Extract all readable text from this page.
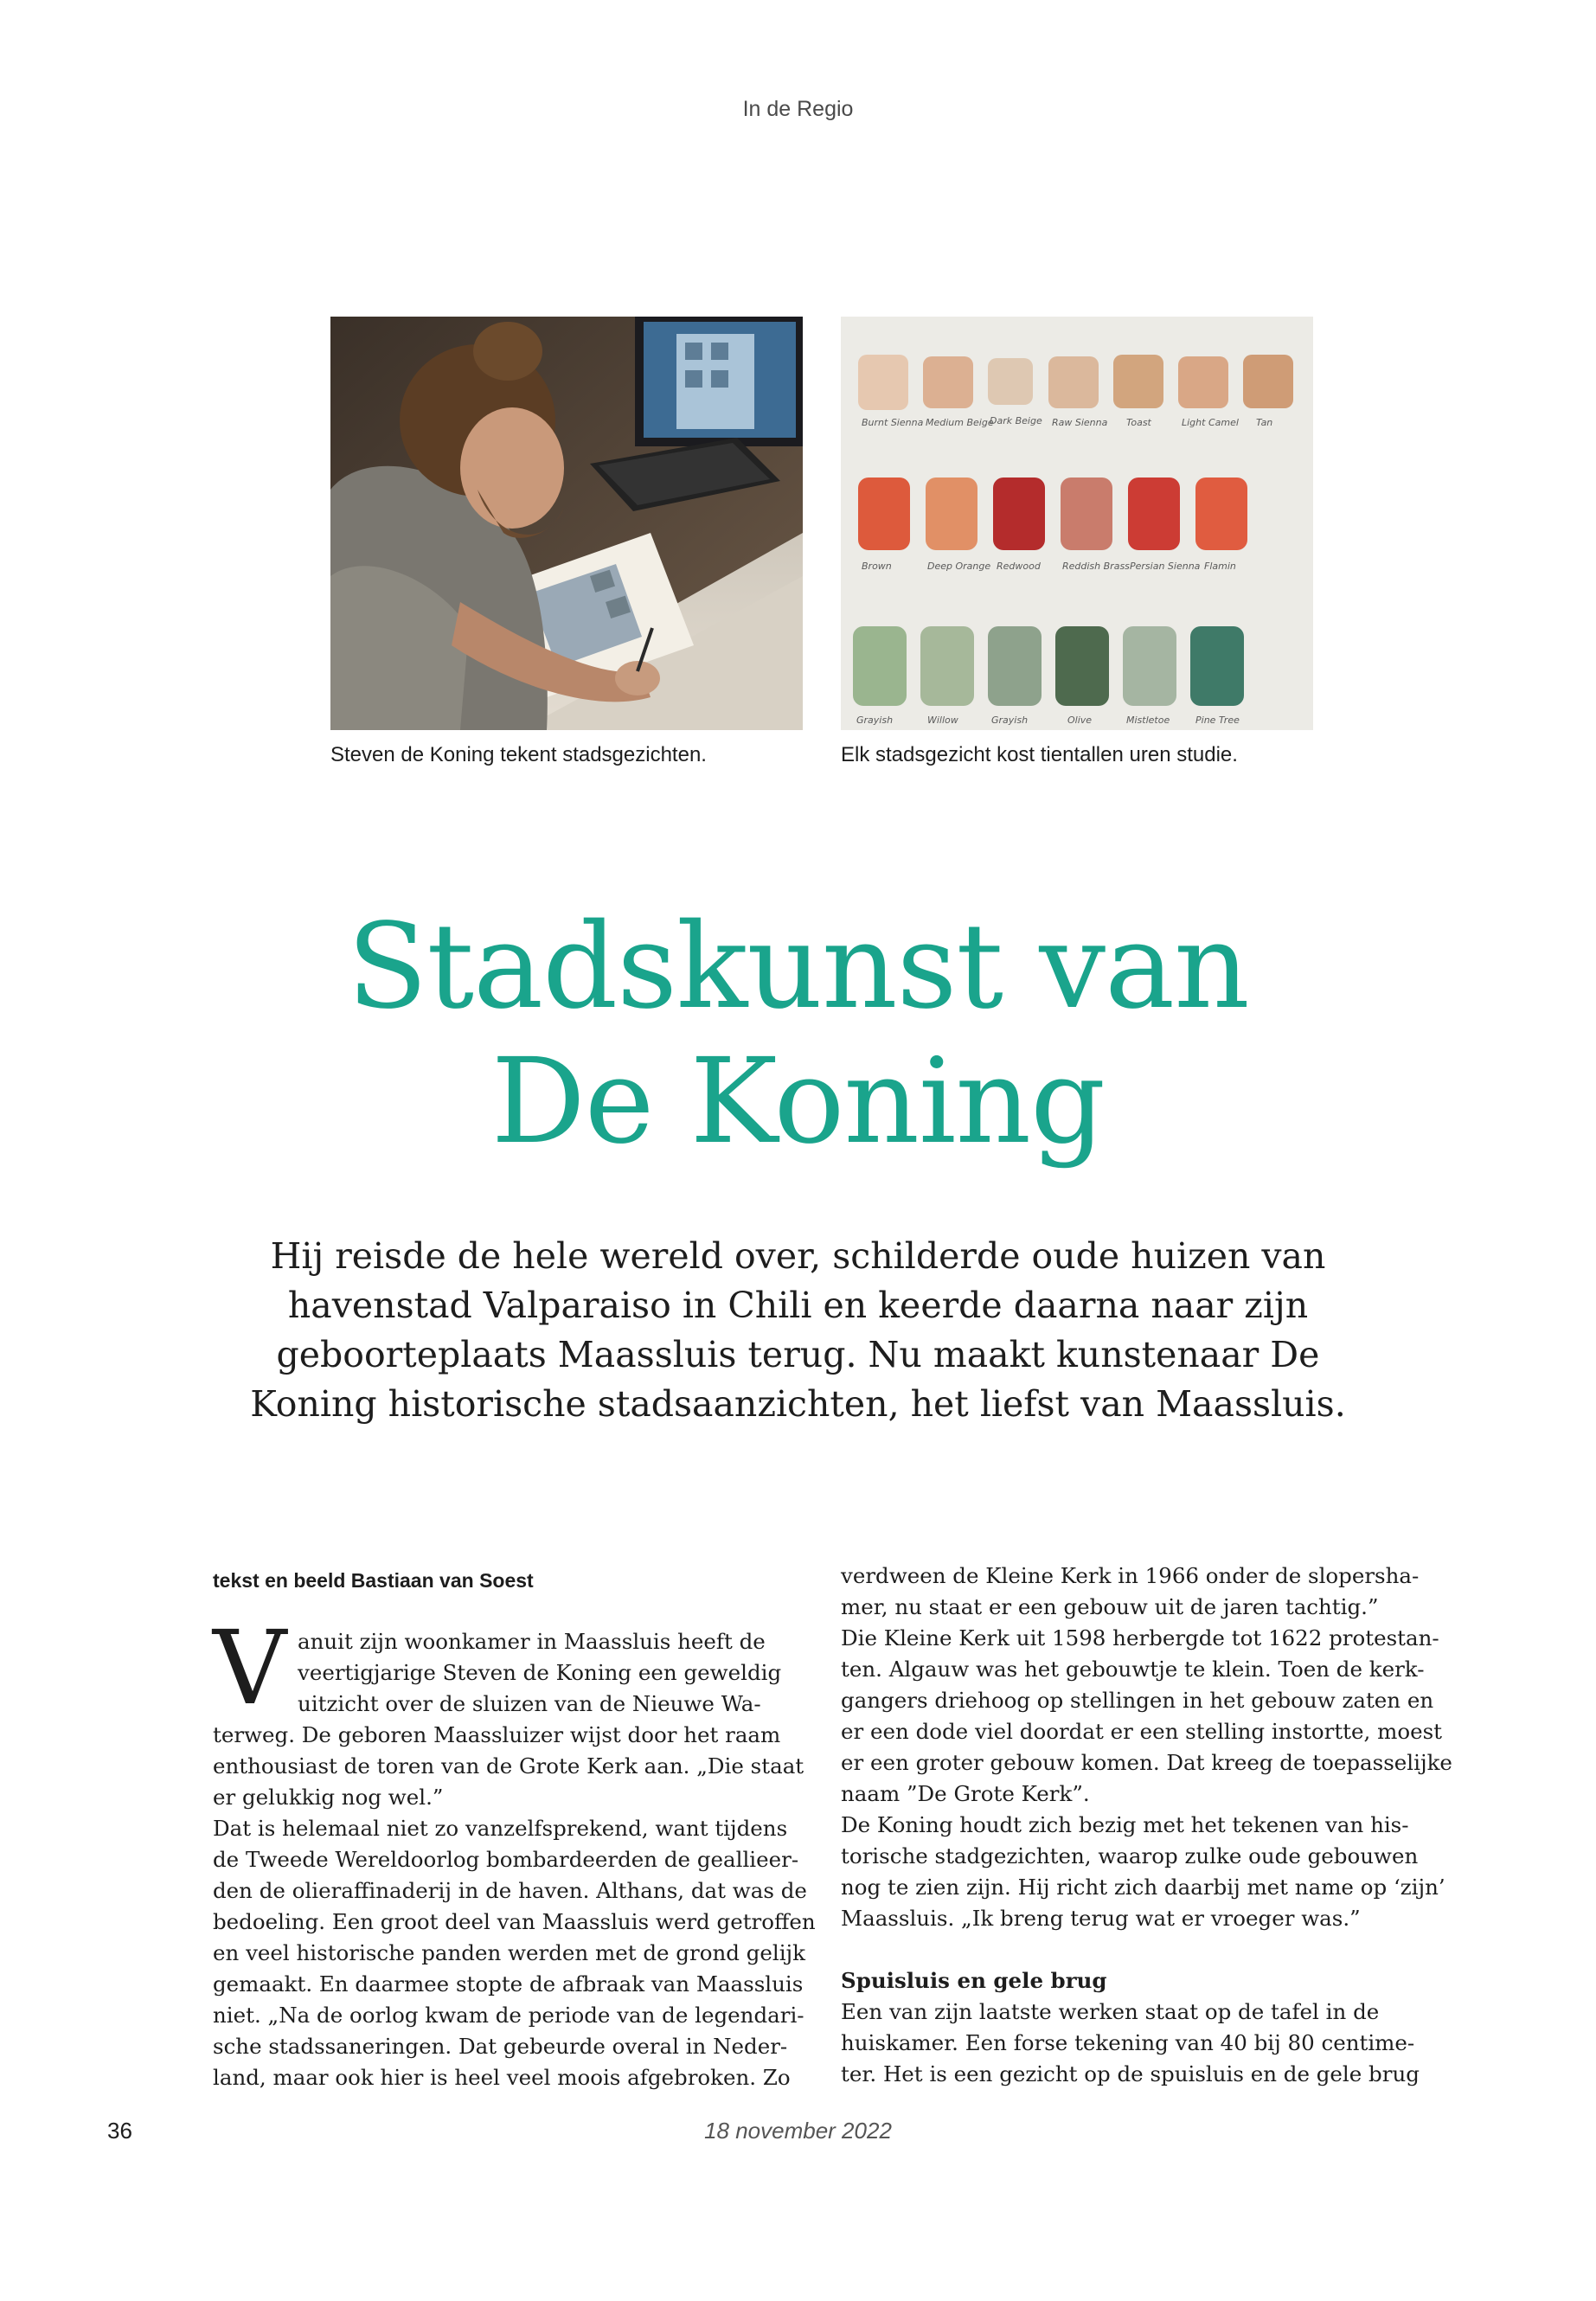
In de Regio
Steven de Koning tekent stadsgezichten.
Burnt Sienna Medium Beige
Dark Beige Raw Sienna Toast	Light Camel Tan
Brown	Deep Orange Redwood Reddish Brass Persian Sienna Flamin
Grayish	Willow	Grayish	Olive	Mistletoe	Pine Tree
Elk stadsgezicht kost tientallen uren studie.
Stadskunst van
De Koning
Hij reisde de hele wereld over, schilderde oude huizen van
havenstad Valparaiso in Chili en keerde daarna naar zijn
geboorteplaats Maassluis terug. Nu maakt kunstenaar De
Koning historische stadsaanzichten, het liefst van Maassluis.
tekst en beeld Bastiaan van Soest
V anuit zijn woonkamer in Maassluis heeft de
veertigjarige Steven de Koning een geweldig
uitzicht over de sluizen van de Nieuwe Wa-
terweg. De geboren Maassluizer wijst door het raam
enthousiast de toren van de Grote Kerk aan. „Die staat
er gelukkig nog wel.”
Dat is helemaal niet zo vanzelfsprekend, want tijdens
de Tweede Wereldoorlog bombardeerden de geallieer-
den de olieraffinaderij in de haven. Althans, dat was de
bedoeling. Een groot deel van Maassluis werd getroffen
en veel historische panden werden met de grond gelijk
gemaakt. En daarmee stopte de afbraak van Maassluis
niet. „Na de oorlog kwam de periode van de legendari-
sche stadssaneringen. Dat gebeurde overal in Neder-
land, maar ook hier is heel veel moois afgebroken. Zo
verdween de Kleine Kerk in 1966 onder de slopersha-
mer, nu staat er een gebouw uit de jaren tachtig.”
Die Kleine Kerk uit 1598 herbergde tot 1622 protestan-
ten. Algauw was het gebouwtje te klein. Toen de kerk-
gangers driehoog op stellingen in het gebouw zaten en
er een dode viel doordat er een stelling instortte, moest
er een groter gebouw komen. Dat kreeg de toepasselijke
naam ”De Grote Kerk”.
De Koning houdt zich bezig met het tekenen van his-
torische stadgezichten, waarop zulke oude gebouwen
nog te zien zijn. Hij richt zich daarbij met name op ‘zijn’
Maassluis. „Ik breng terug wat er vroeger was.”
Spuisluis en gele brug
Een van zijn laatste werken staat op de tafel in de
huiskamer. Een forse tekening van 40 bij 80 centime-
ter. Het is een gezicht op de spuisluis en de gele brug
36	18 november 2022
